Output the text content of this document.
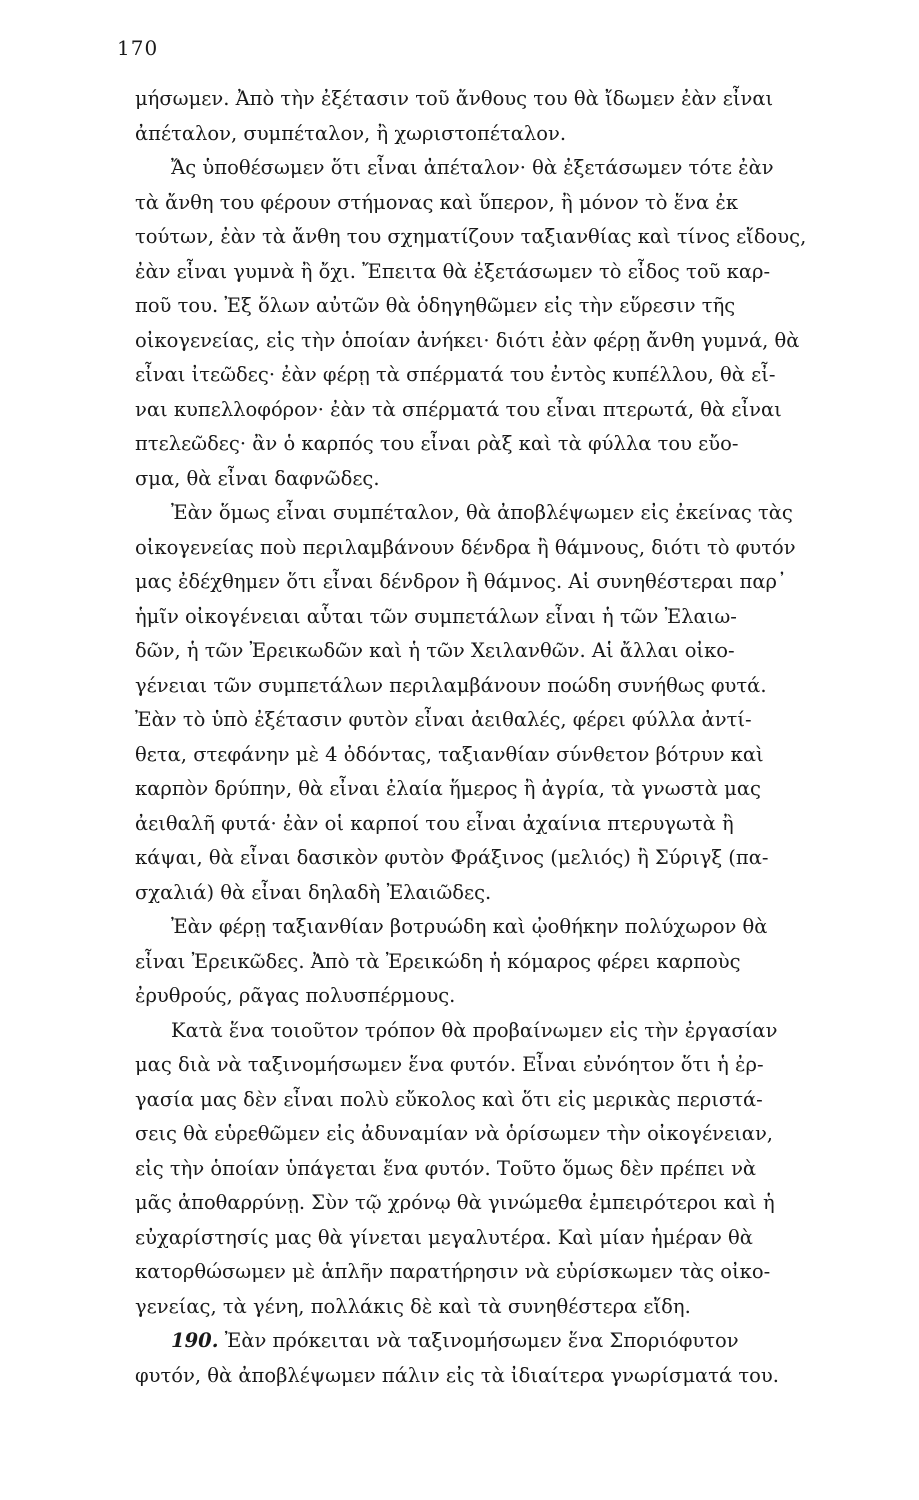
170
μήσωμεν. Ἀπὸ τὴν ἐξέτασιν τοῦ ἄνθους του θὰ ἴδωμεν ἐὰν εἶναι
ἀπέταλον, συμπέταλον, ἢ χωριστοπέταλον.
Ἄς ὑποθέσωμεν ὅτι εἶναι ἀπέταλον· θὰ ἐξετάσωμεν τότε ἐὰν
τὰ ἄνθη του φέρουν στήμονας καὶ ὕπερον, ἢ μόνον τὸ ἕνα ἐκ
τούτων, ἐὰν τὰ ἄνθη του σχηματίζουν ταξιανθίας καὶ τίνος εἴδους,
ἐὰν εἶναι γυμνὰ ἢ ὄχι. Ἔπειτα θὰ ἐξετάσωμεν τὸ εἶδος τοῦ καρ-
ποῦ του. Ἐξ ὅλων αὐτῶν θὰ ὁδηγηθῶμεν εἰς τὴν εὕρεσιν τῆς
οἰκογενείας, εἰς τὴν ὁποίαν ἀνήκει· διότι ἐὰν φέρῃ ἄνθη γυμνά, θὰ
εἶναι ἰτεῶδες· ἐὰν φέρῃ τὰ σπέρματά του ἐντὸς κυπέλλου, θὰ εἶ-
ναι κυπελλοφόρον· ἐὰν τὰ σπέρματά του εἶναι πτερωτά, θὰ εἶναι
πτελεῶδες· ἂν ὁ καρπός του εἶναι ρὰξ καὶ τὰ φύλλα του εὔο-
σμα, θὰ εἶναι δαφνῶδες.
Ἐὰν ὅμως εἶναι συμπέταλον, θὰ ἀποβλέψωμεν εἰς ἐκείνας τὰς
οἰκογενείας ποὺ περιλαμβάνουν δένδρα ἢ θάμνους, διότι τὸ φυτόν
μας ἐδέχθημεν ὅτι εἶναι δένδρον ἢ θάμνος. Αἱ συνηθέστεραι παρ᾽
ἡμῖν οἰκογένειαι αὗται τῶν συμπετάλων εἶναι ἡ τῶν Ἐλαιω-
δῶν, ἡ τῶν Ἐρεικωδῶν καὶ ἡ τῶν Χειλανθῶν. Αἱ ἄλλαι οἰκο-
γένειαι τῶν συμπετάλων περιλαμβάνουν ποώδη συνήθως φυτά.
Ἐὰν τὸ ὑπὸ ἐξέτασιν φυτὸν εἶναι ἀειθαλές, φέρει φύλλα ἀντί-
θετα, στεφάνην μὲ 4 ὀδόντας, ταξιανθίαν σύνθετον βότρυν καὶ
καρπὸν δρύπην, θὰ εἶναι ἐλαία ἥμερος ἢ ἀγρία, τὰ γνωστὰ μας
ἀειθαλῆ φυτά· ἐὰν οἱ καρποί του εἶναι ἀχαίνια πτερυγωτὰ ἢ
κάψαι, θὰ εἶναι δασικὸν φυτὸν Φράξινος (μελιός) ἢ Σύριγξ (πα-
σχαλιά) θὰ εἶναι δηλαδὴ Ἐλαιῶδες.
Ἐὰν φέρῃ ταξιανθίαν βοτρυώδη καὶ ᾠοθήκην πολύχωρον θὰ
εἶναι Ἐρεικῶδες. Ἀπὸ τὰ Ἐρεικώδη ἡ κόμαρος φέρει καρποὺς
ἐρυθρούς, ρᾶγας πολυσπέρμους.
Κατὰ ἕνα τοιοῦτον τρόπον θὰ προβαίνωμεν εἰς τὴν ἐργασίαν
μας διὰ νὰ ταξινομήσωμεν ἕνα φυτόν. Εἶναι εὐνόητον ὅτι ἡ ἐρ-
γασία μας δὲν εἶναι πολὺ εὔκολος καὶ ὅτι εἰς μερικὰς περιστά-
σεις θὰ εὑρεθῶμεν εἰς ἀδυναμίαν νὰ ὁρίσωμεν τὴν οἰκογένειαν,
εἰς τὴν ὁποίαν ὑπάγεται ἕνα φυτόν. Τοῦτο ὅμως δὲν πρέπει νὰ
μᾶς ἀποθαρρύνῃ. Σὺν τῷ χρόνῳ θὰ γινώμεθα ἐμπειρότεροι καὶ ἡ
εὐχαρίστησίς μας θὰ γίνεται μεγαλυτέρα. Καὶ μίαν ἡμέραν θὰ
κατορθώσωμεν μὲ ἁπλῆν παρατήρησιν νὰ εὑρίσκωμεν τὰς οἰκο-
γενείας, τὰ γένη, πολλάκις δὲ καὶ τὰ συνηθέστερα εἴδη.
190. Ἐὰν πρόκειται νὰ ταξινομήσωμεν ἕνα Σποριόφυτον
φυτόν, θὰ ἀποβλέψωμεν πάλιν εἰς τὰ ἰδιαίτερα γνωρίσματά του.
